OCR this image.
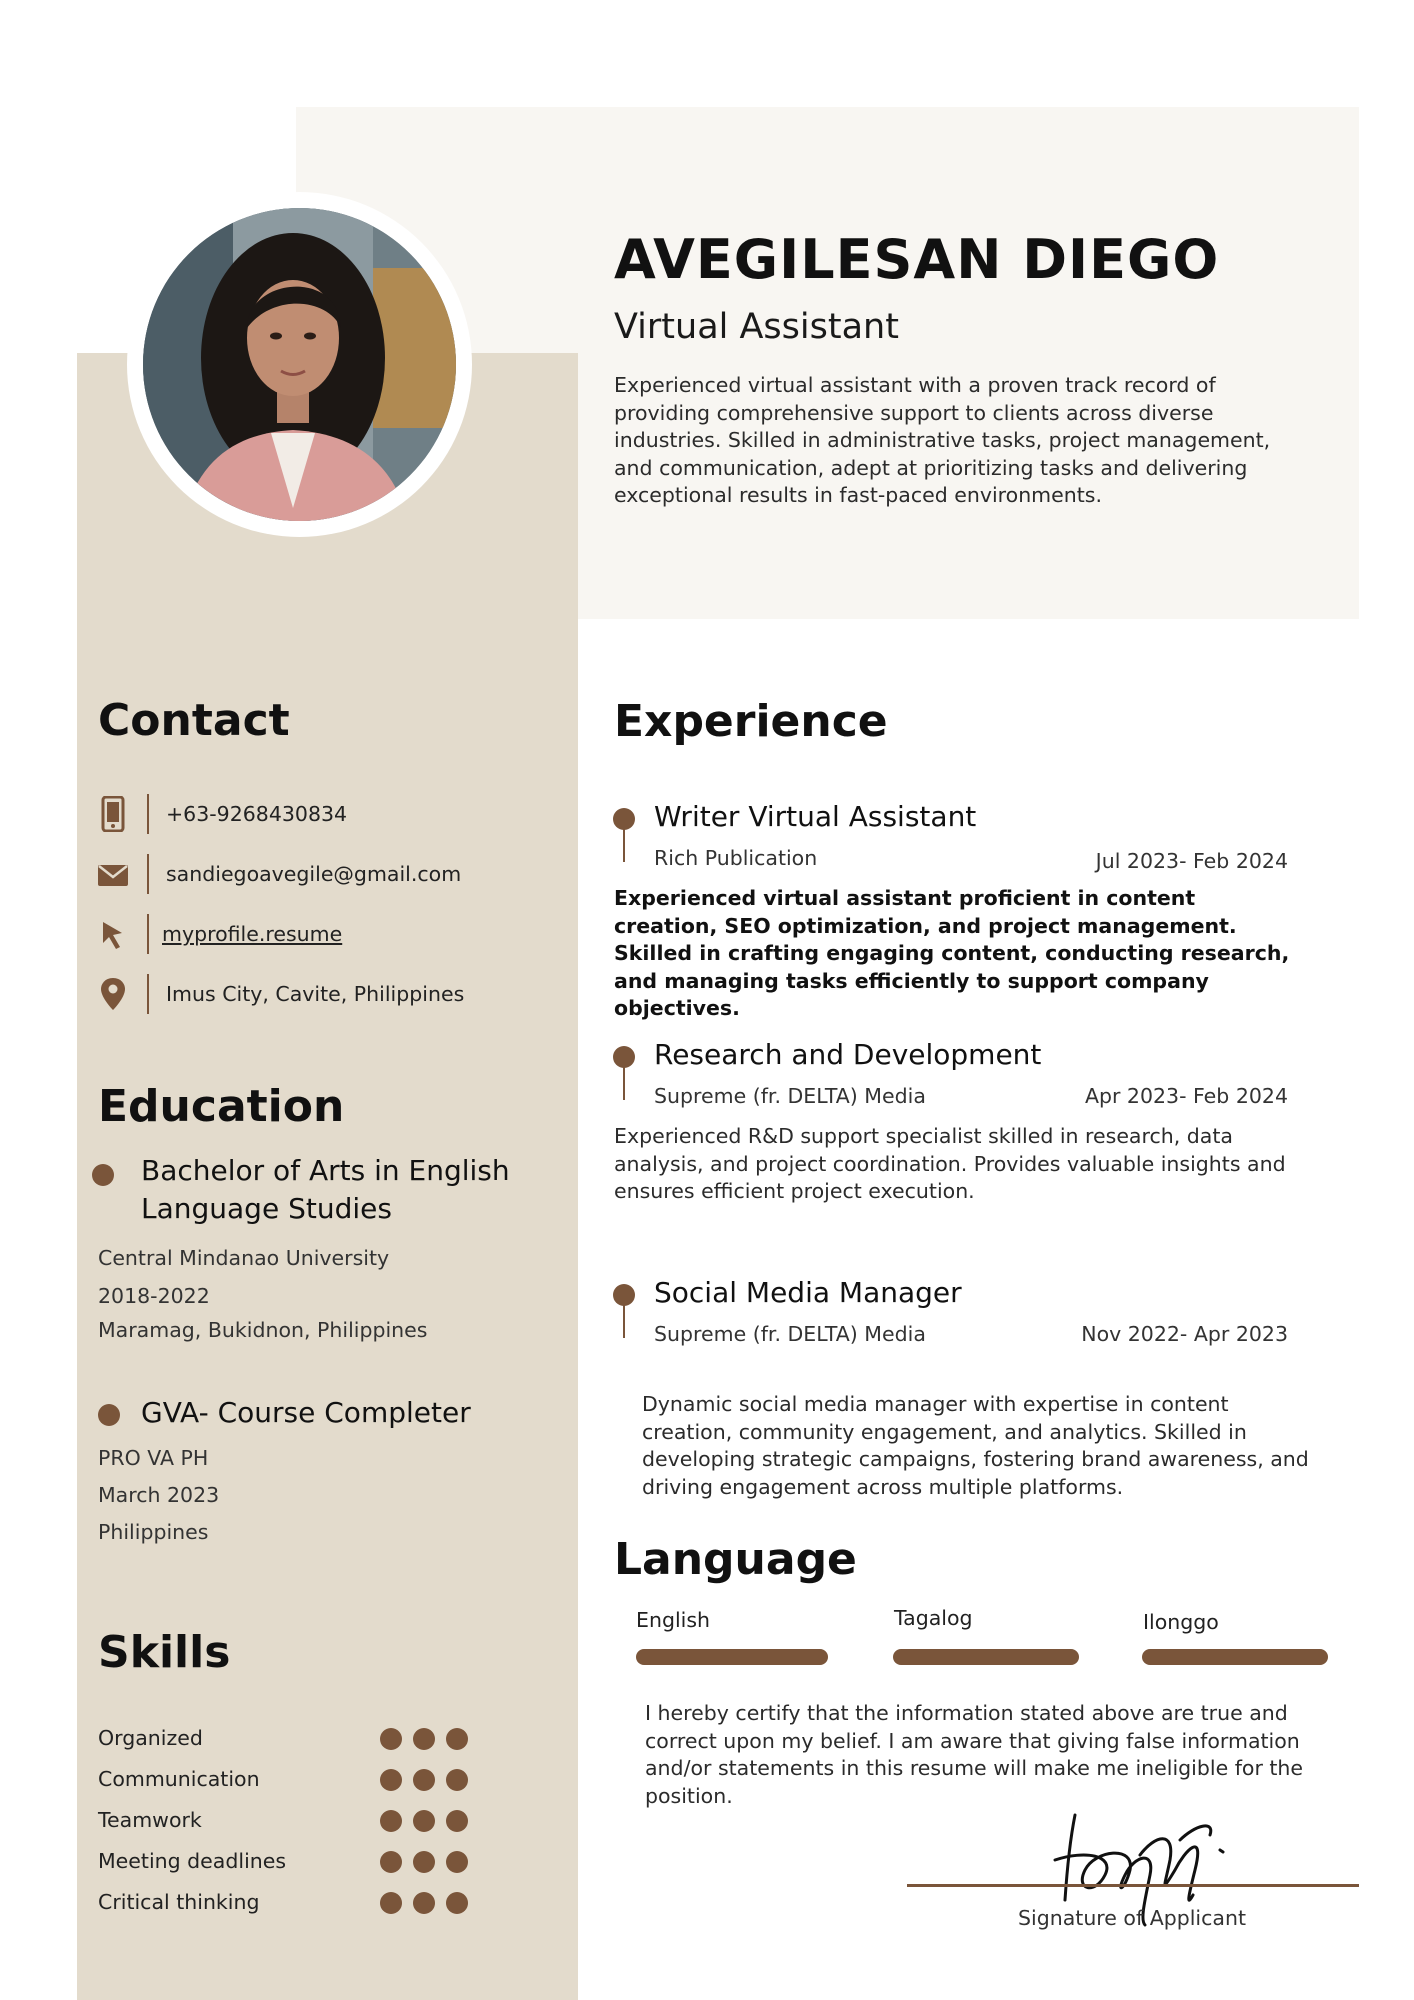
AVEGILESAN DIEGO
Virtual Assistant
Experienced virtual assistant with a proven track record of providing comprehensive support to clients across diverse industries. Skilled in administrative tasks, project management, and communication, adept at prioritizing tasks and delivering exceptional results in fast-paced environments.
Contact
+63-9268430834
sandiegoavegile@gmail.com
myprofile.resume
Imus City, Cavite, Philippines
Education
Bachelor of Arts in English Language Studies
Central Mindanao University
2018-2022
Maramag, Bukidnon, Philippines
GVA- Course Completer
PRO VA PH
March 2023
Philippines
Skills
Organized
Communication
Teamwork
Meeting deadlines
Critical thinking
Experience
Writer Virtual Assistant
Rich Publication	Jul 2023- Feb 2024
Experienced virtual assistant proficient in content creation, SEO optimization, and project management. Skilled in crafting engaging content, conducting research, and managing tasks efficiently to support company objectives.
Research and Development
Supreme (fr. DELTA) Media	Apr 2023- Feb 2024
Experienced R&D support specialist skilled in research, data analysis, and project coordination. Provides valuable insights and ensures efficient project execution.
Social Media Manager
Supreme (fr. DELTA) Media	Nov 2022- Apr 2023
Dynamic social media manager with expertise in content creation, community engagement, and analytics. Skilled in developing strategic campaigns, fostering brand awareness, and driving engagement across multiple platforms.
Language
English	Tagalog	Ilonggo
I hereby certify that the information stated above are true and correct upon my belief. I am aware that giving false information and/or statements in this resume will make me ineligible for the position.
Signature of Applicant
